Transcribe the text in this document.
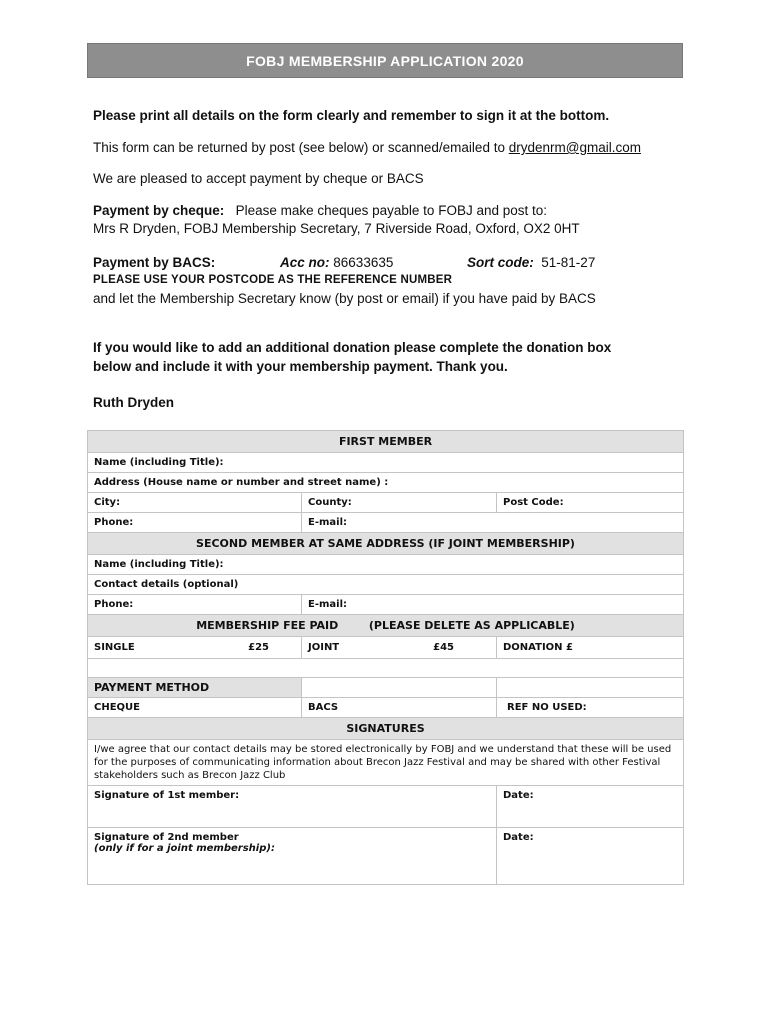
FOBJ MEMBERSHIP APPLICATION 2020
Please print all details on the form clearly and remember to sign it at the bottom.
This form can be returned by post (see below) or scanned/emailed to drydenrm@gmail.com
We are pleased to accept payment by cheque or BACS
Payment by cheque: Please make cheques payable to FOBJ and post to:
Mrs R Dryden, FOBJ Membership Secretary, 7 Riverside Road, Oxford, OX2 0HT
Payment by BACS:	Acc no: 86633635	Sort code: 51-81-27
PLEASE USE YOUR POSTCODE AS THE REFERENCE NUMBER
and let the Membership Secretary know (by post or email) if you have paid by BACS
If you would like to add an additional donation please complete the donation box
below and include it with your membership payment. Thank you.
Ruth Dryden
FIRST MEMBER		
Name (including Title):		
Address (House name or number and street name) :		
City:	County:	Post Code:
Phone:	E-mail:	
SECOND MEMBER AT SAME ADDRESS (IF JOINT MEMBERSHIP)		
Name (including Title):		
Contact details (optional)		
Phone:	E-mail:	
MEMBERSHIP FEE PAID (PLEASE DELETE AS APPLICABLE)		
SINGLE £25	JOINT £45	DONATION £

PAYMENT METHOD		
CHEQUE	BACS	REF NO USED:
SIGNATURES		
I/we agree that our contact details may be stored electronically by FOBJ and we understand that these will be used for the purposes of communicating information about Brecon Jazz Festival and may be shared with other Festival stakeholders such as Brecon Jazz Club		
Signature of 1st member:		Date:

Signature of 2nd member
(only if for a joint membership):		Date:
